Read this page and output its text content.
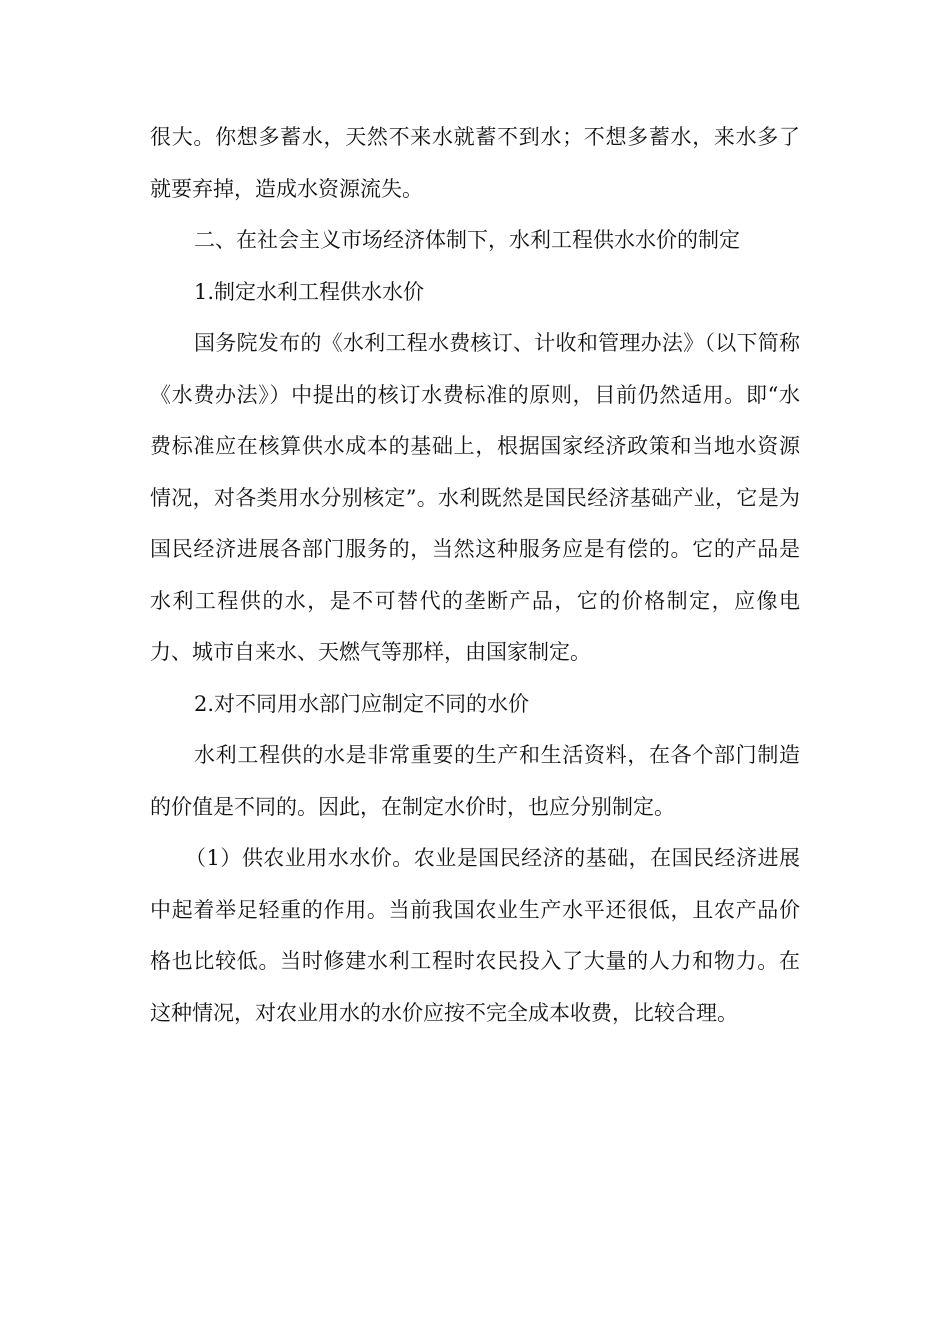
很大。你想多蓄水，天然不来水就蓄不到水；不想多蓄水，来水多了就要弃掉，造成水资源流失。

二、在社会主义市场经济体制下，水利工程供水水价的制定

1.制定水利工程供水水价

国务院发布的《水利工程水费核订、计收和管理办法》（以下简称《水费办法》）中提出的核订水费标准的原则，目前仍然适用。即“水费标准应在核算供水成本的基础上，根据国家经济政策和当地水资源情况，对各类用水分别核定”。水利既然是国民经济基础产业，它是为国民经济进展各部门服务的，当然这种服务应是有偿的。它的产品是水利工程供的水，是不可替代的垄断产品，它的价格制定，应像电力、城市自来水、天燃气等那样，由国家制定。

2.对不同用水部门应制定不同的水价

水利工程供的水是非常重要的生产和生活资料，在各个部门制造的价值是不同的。因此，在制定水价时，也应分别制定。

（1）供农业用水水价。农业是国民经济的基础，在国民经济进展中起着举足轻重的作用。当前我国农业生产水平还很低，且农产品价格也比较低。当时修建水利工程时农民投入了大量的人力和物力。在这种情况，对农业用水的水价应按不完全成本收费，比较合理。
